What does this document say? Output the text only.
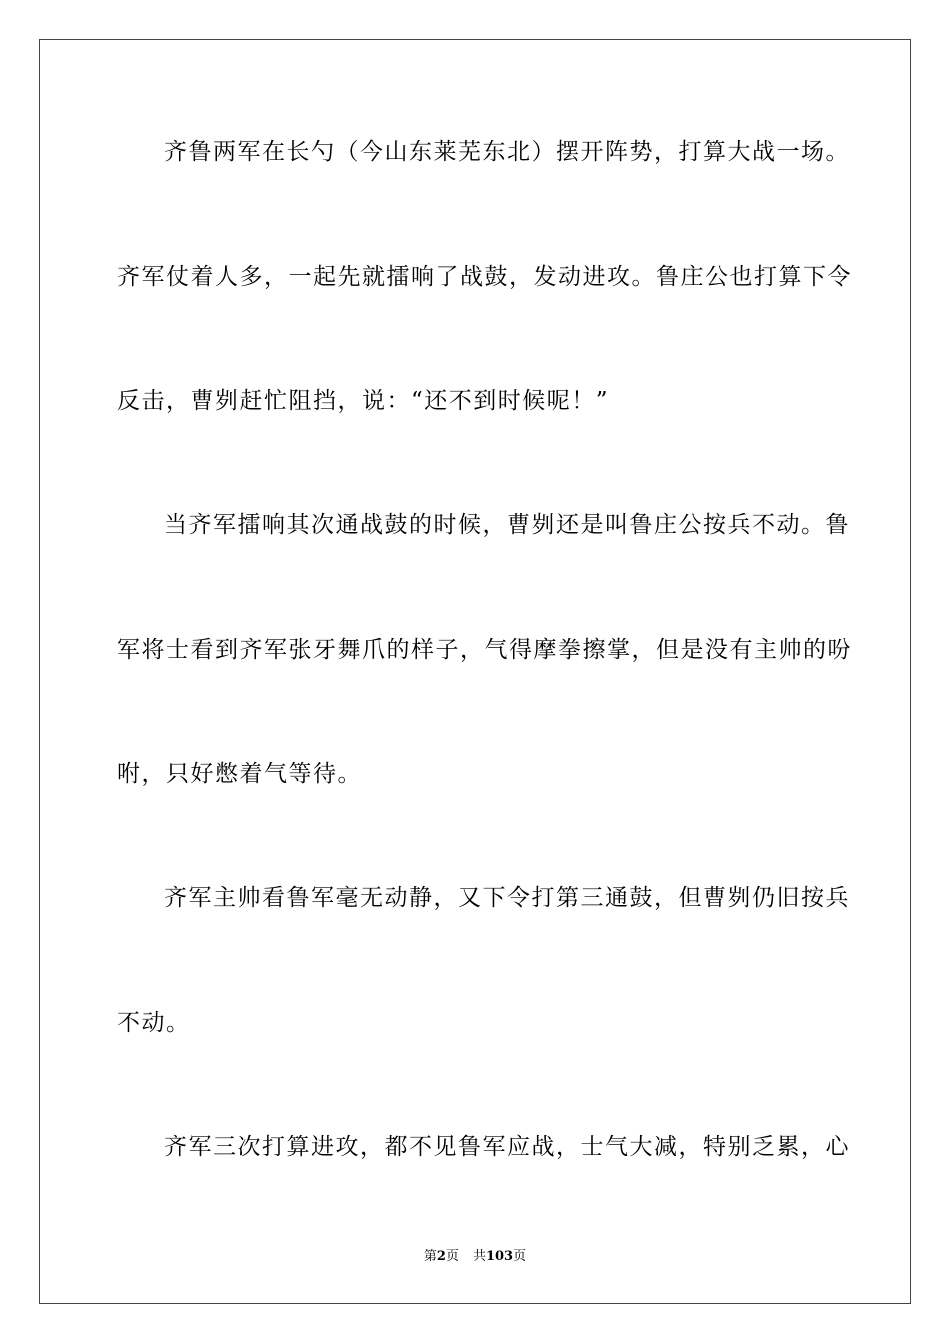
齐鲁两军在长勺（今山东莱芜东北）摆开阵势，打算大战一场。
齐军仗着人多，一起先就擂响了战鼓，发动进攻。鲁庄公也打算下令
反击，曹刿赶忙阻挡，说：“还不到时候呢！”
当齐军擂响其次通战鼓的时候，曹刿还是叫鲁庄公按兵不动。鲁
军将士看到齐军张牙舞爪的样子，气得摩拳擦掌，但是没有主帅的吩
咐，只好憋着气等待。
齐军主帅看鲁军毫无动静，又下令打第三通鼓，但曹刿仍旧按兵
不动。
齐军三次打算进攻，都不见鲁军应战，士气大减，特别乏累，心
第2页 共103页
